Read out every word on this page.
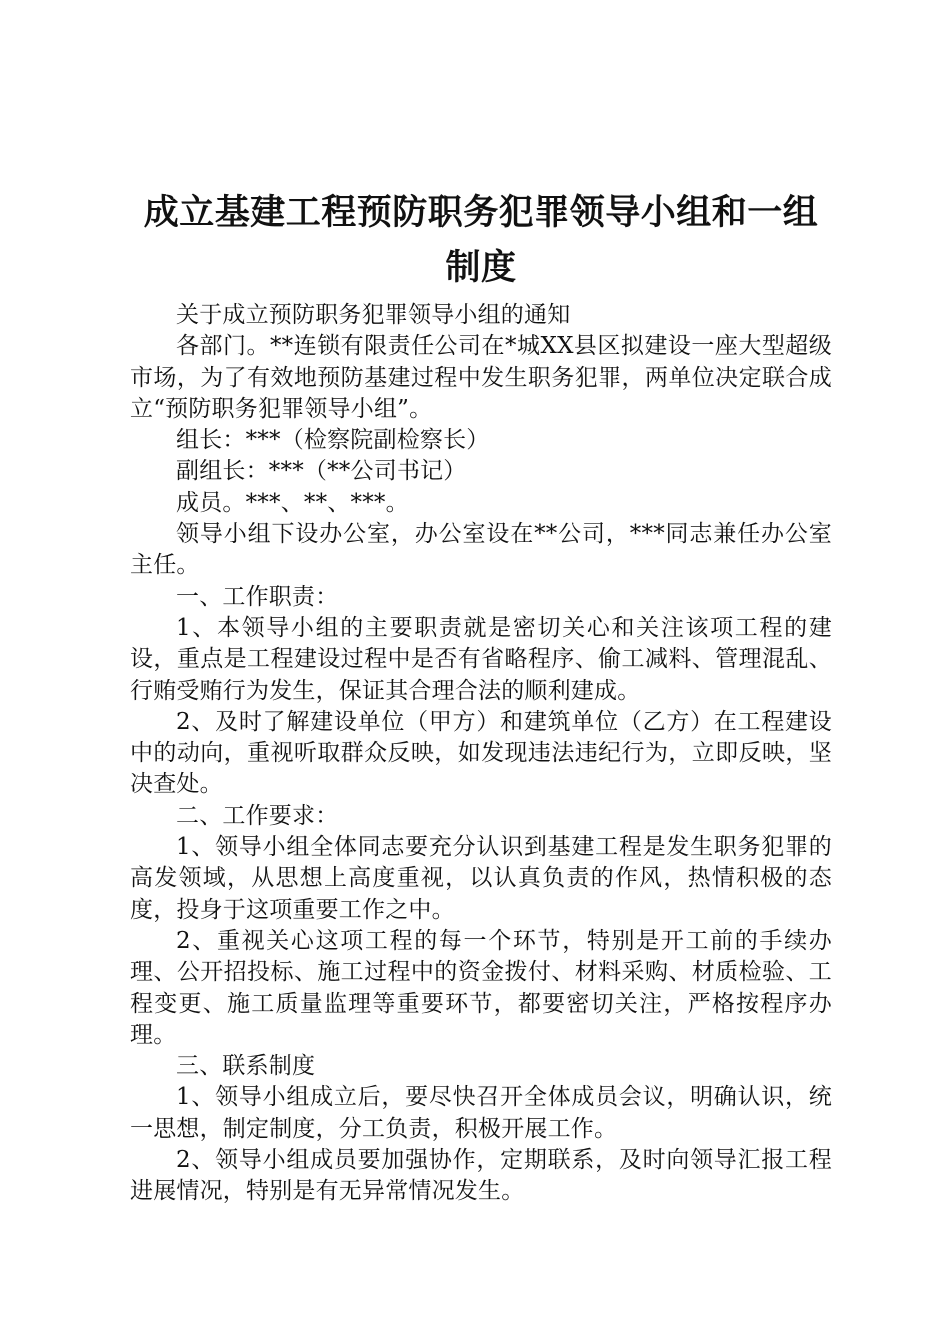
成立基建工程预防职务犯罪领导小组和一组制度

关于成立预防职务犯罪领导小组的通知

各部门。**连锁有限责任公司在*城XX县区拟建设一座大型超级市场，为了有效地预防基建过程中发生职务犯罪，两单位决定联合成立“预防职务犯罪领导小组”。

组长：***（检察院副检察长）

副组长：***（**公司书记）

成员。***、**、***。

领导小组下设办公室，办公室设在**公司，***同志兼任办公室主任。

一、工作职责：

1、本领导小组的主要职责就是密切关心和关注该项工程的建设，重点是工程建设过程中是否有省略程序、偷工减料、管理混乱、行贿受贿行为发生，保证其合理合法的顺利建成。

2、及时了解建设单位（甲方）和建筑单位（乙方）在工程建设中的动向，重视听取群众反映，如发现违法违纪行为，立即反映，坚决查处。

二、工作要求：

1、领导小组全体同志要充分认识到基建工程是发生职务犯罪的高发领域，从思想上高度重视，以认真负责的作风，热情积极的态度，投身于这项重要工作之中。

2、重视关心这项工程的每一个环节，特别是开工前的手续办理、公开招投标、施工过程中的资金拨付、材料采购、材质检验、工程变更、施工质量监理等重要环节，都要密切关注，严格按程序办理。

三、联系制度

1、领导小组成立后，要尽快召开全体成员会议，明确认识，统一思想，制定制度，分工负责，积极开展工作。

2、领导小组成员要加强协作，定期联系，及时向领导汇报工程进展情况，特别是有无异常情况发生。
